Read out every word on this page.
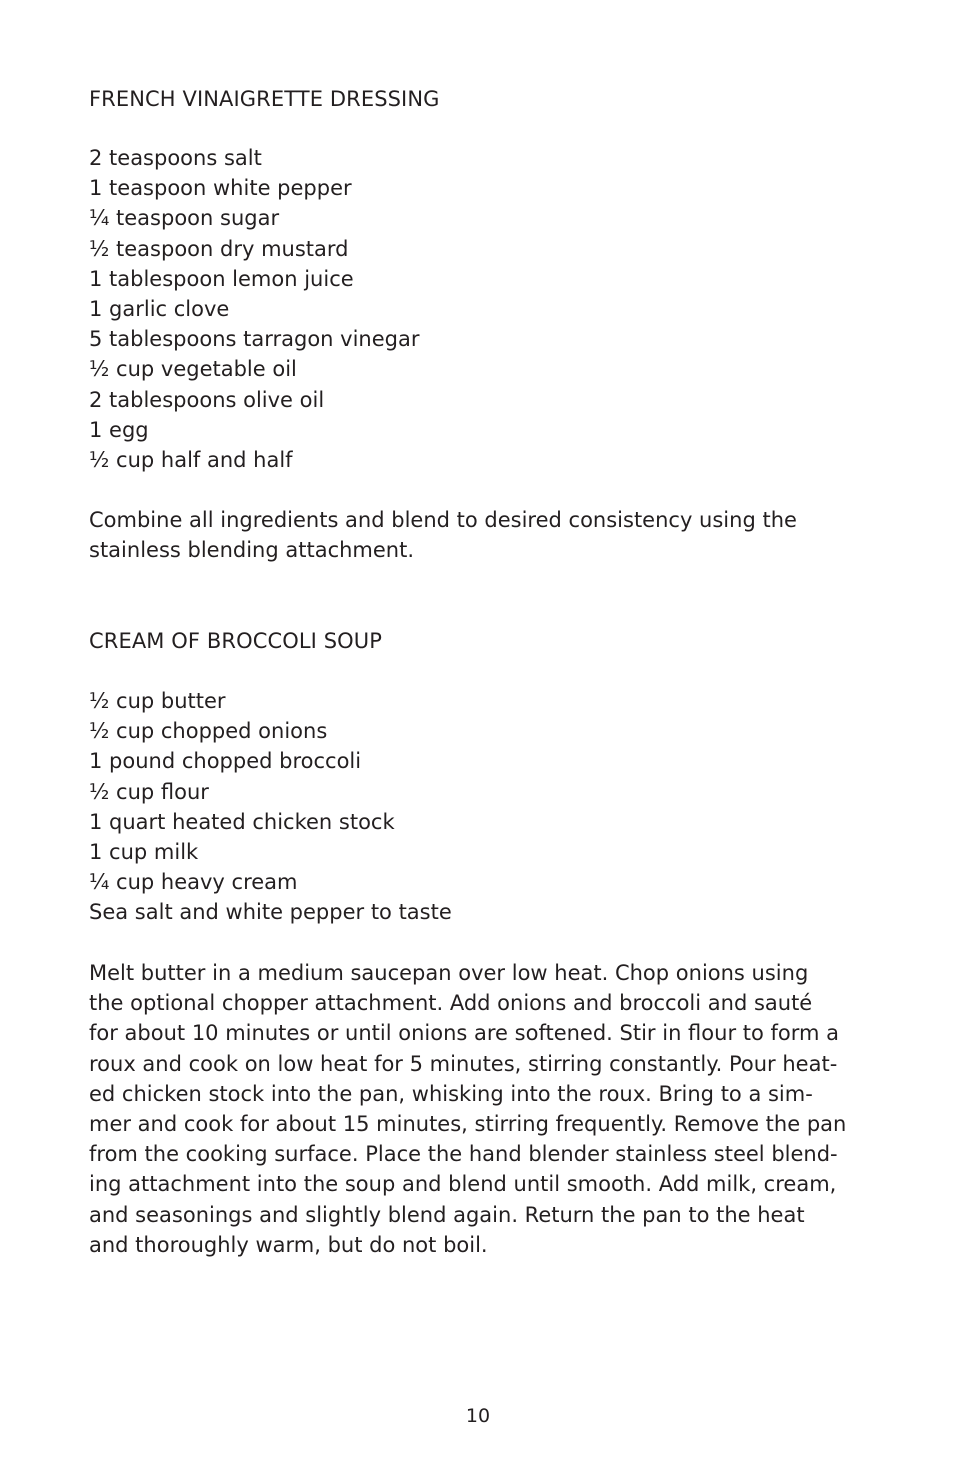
FRENCH VINAIGRETTE DRESSING
2 teaspoons salt
1 teaspoon white pepper
¼ teaspoon sugar
½ teaspoon dry mustard
1 tablespoon lemon juice
1 garlic clove
5 tablespoons tarragon vinegar
½ cup vegetable oil
2 tablespoons olive oil
1 egg
½ cup half and half

Combine all ingredients and blend to desired consistency using the
stainless blending attachment.

CREAM OF BROCCOLI SOUP
½ cup butter
½ cup chopped onions
1 pound chopped broccoli
½ cup flour
1 quart heated chicken stock
1 cup milk
¼ cup heavy cream
Sea salt and white pepper to taste

Melt butter in a medium saucepan over low heat. Chop onions using
the optional chopper attachment. Add onions and broccoli and sauté
for about 10 minutes or until onions are softened. Stir in flour to form a
roux and cook on low heat for 5 minutes, stirring constantly. Pour heat-
ed chicken stock into the pan, whisking into the roux. Bring to a sim-
mer and cook for about 15 minutes, stirring frequently. Remove the pan
from the cooking surface. Place the hand blender stainless steel blend-
ing attachment into the soup and blend until smooth. Add milk, cream,
and seasonings and slightly blend again. Return the pan to the heat
and thoroughly warm, but do not boil.

10
